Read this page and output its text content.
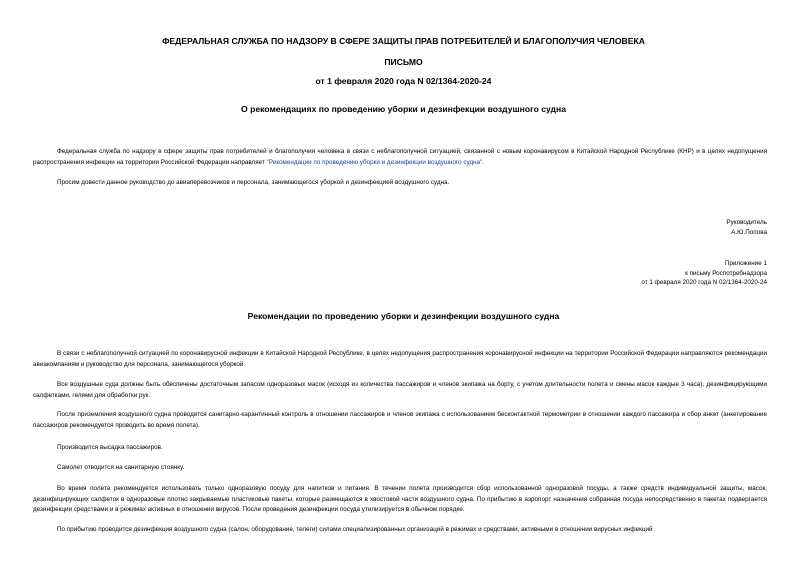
ФЕДЕРАЛЬНАЯ СЛУЖБА ПО НАДЗОРУ В СФЕРЕ ЗАЩИТЫ ПРАВ ПОТРЕБИТЕЛЕЙ И БЛАГОПОЛУЧИЯ ЧЕЛОВЕКА
ПИСЬМО
от 1 февраля 2020 года N 02/1364-2020-24
О рекомендациях по проведению уборки и дезинфекции воздушного судна

Федеральная служба по надзору в сфере защиты прав потребителей и благополучия человека в связи с неблагополучной ситуацией, связанной с новым коронавирусом в Китайской Народной Республике (КНР) и в целях недопущения распространения инфекции на территории Российской Федерации направляет "Рекомендации по проведению уборки и дезинфекции воздушного судна".

Просим довести данное руководство до авиаперевозчиков и персонала, занимающегося уборкой и дезинфекцией воздушного судна.

Руководитель
А.Ю.Попова
Приложение 1
к письму Роспотребнадзора
от 1 февраля 2020 года N 02/1364-2020-24
Рекомендации по проведению уборки и дезинфекции воздушного судна

В связи с неблагополучной ситуацией по коронавирусной инфекции в Китайской Народной Республике, в целях недопущения распространения коронавирусной инфекции на территории Российской Федерации направляются рекомендации авиакомпаниям и руководство для персонала, занимающегося уборкой.

Все воздушные суда должны быть обеспечены достаточным запасом одноразовых масок (исходя из количества пассажиров и членов экипажа на борту, с учетом длительности полета и смены масок каждые 3 часа), дезинфицирующими салфетками, гелями для обработки рук.

После приземления воздушного судна проводится санитарно-карантинный контроль в отношении пассажиров и членов экипажа с использованием бесконтактной термометрии в отношении каждого пассажира и сбор анкет (анкетирование пассажиров рекомендуется проводить во время полета).

Производится высадка пассажиров.

Самолет отводится на санитарную стоянку.

Во время полета рекомендуется использовать только одноразовую посуду для напитков и питания. В течении полета производится сбор использованной одноразовой посуды, а также средств индивидуальной защиты, масок, дезинфицирующих салфеток в одноразовые плотно закрываемые пластиковые пакеты, которые размещаются в хвостовой части воздушного судна. По прибытию в аэропорт назначения собранная посуда непосредственно в пакетах подвергается дезинфекции средствами и в режимах активных в отношении вирусов. После проведения дезинфекции посуда утилизируется в обычном порядке.

По прибытию проводится дезинфекция воздушного судна (салон, оборудование, телеги) силами специализированных организаций в режимах и средствами, активными в отношении вирусных инфекций
